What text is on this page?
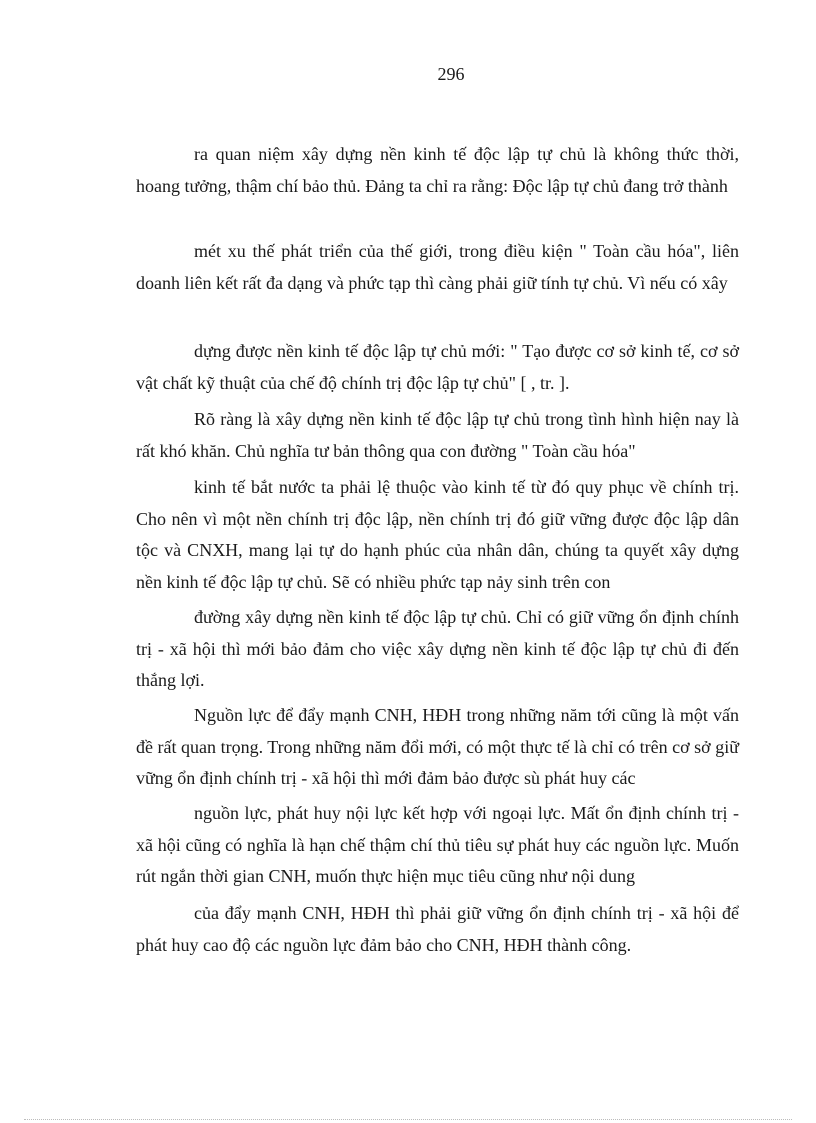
296

ra quan niệm xây dựng nền kinh tế độc lập tự chủ là không thức thời, hoang tưởng, thậm chí bảo thủ. Đảng ta chỉ ra rằng: Độc lập tự chủ đang trở thành

mét xu thế phát triển của thế giới, trong điều kiện " Toàn cầu hóa", liên doanh liên kết rất đa dạng và phức tạp thì càng phải giữ tính tự chủ. Vì nếu có xây

dựng được nền kinh tế độc lập tự chủ mới: " Tạo được cơ sở kinh tế, cơ sở vật chất kỹ thuật của chế độ chính trị độc lập tự chủ" [ , tr. ].

Rõ ràng là xây dựng nền kinh tế độc lập tự chủ trong tình hình hiện nay là rất khó khăn. Chủ nghĩa tư bản thông qua con đường " Toàn cầu hóa"

kinh tế bắt nước ta phải lệ thuộc vào kinh tế từ đó quy phục về chính trị. Cho nên vì một nền chính trị độc lập, nền chính trị đó giữ vững được độc lập dân tộc và CNXH, mang lại tự do hạnh phúc của nhân dân, chúng ta quyết xây dựng nền kinh tế độc lập tự chủ. Sẽ có nhiều phức tạp nảy sinh trên con

đường xây dựng nền kinh tế độc lập tự chủ. Chỉ có giữ vững ổn định chính trị - xã hội thì mới bảo đảm cho việc xây dựng nền kinh tế độc lập tự chủ đi đến thắng lợi.

Nguồn lực để đẩy mạnh CNH, HĐH trong những năm tới cũng là một vấn đề rất quan trọng. Trong những năm đổi mới, có một thực tế là chỉ có trên cơ sở giữ vững ổn định chính trị - xã hội thì mới đảm bảo được sù phát huy các

nguồn lực, phát huy nội lực kết hợp với ngoại lực. Mất ổn định chính trị - xã hội cũng có nghĩa là hạn chế thậm chí thủ tiêu sự phát huy các nguồn lực. Muốn rút ngắn thời gian CNH, muốn thực hiện mục tiêu cũng như nội dung

của đẩy mạnh CNH, HĐH thì phải giữ vững ổn định chính trị - xã hội để phát huy cao độ các nguồn lực đảm bảo cho CNH, HĐH thành công.
